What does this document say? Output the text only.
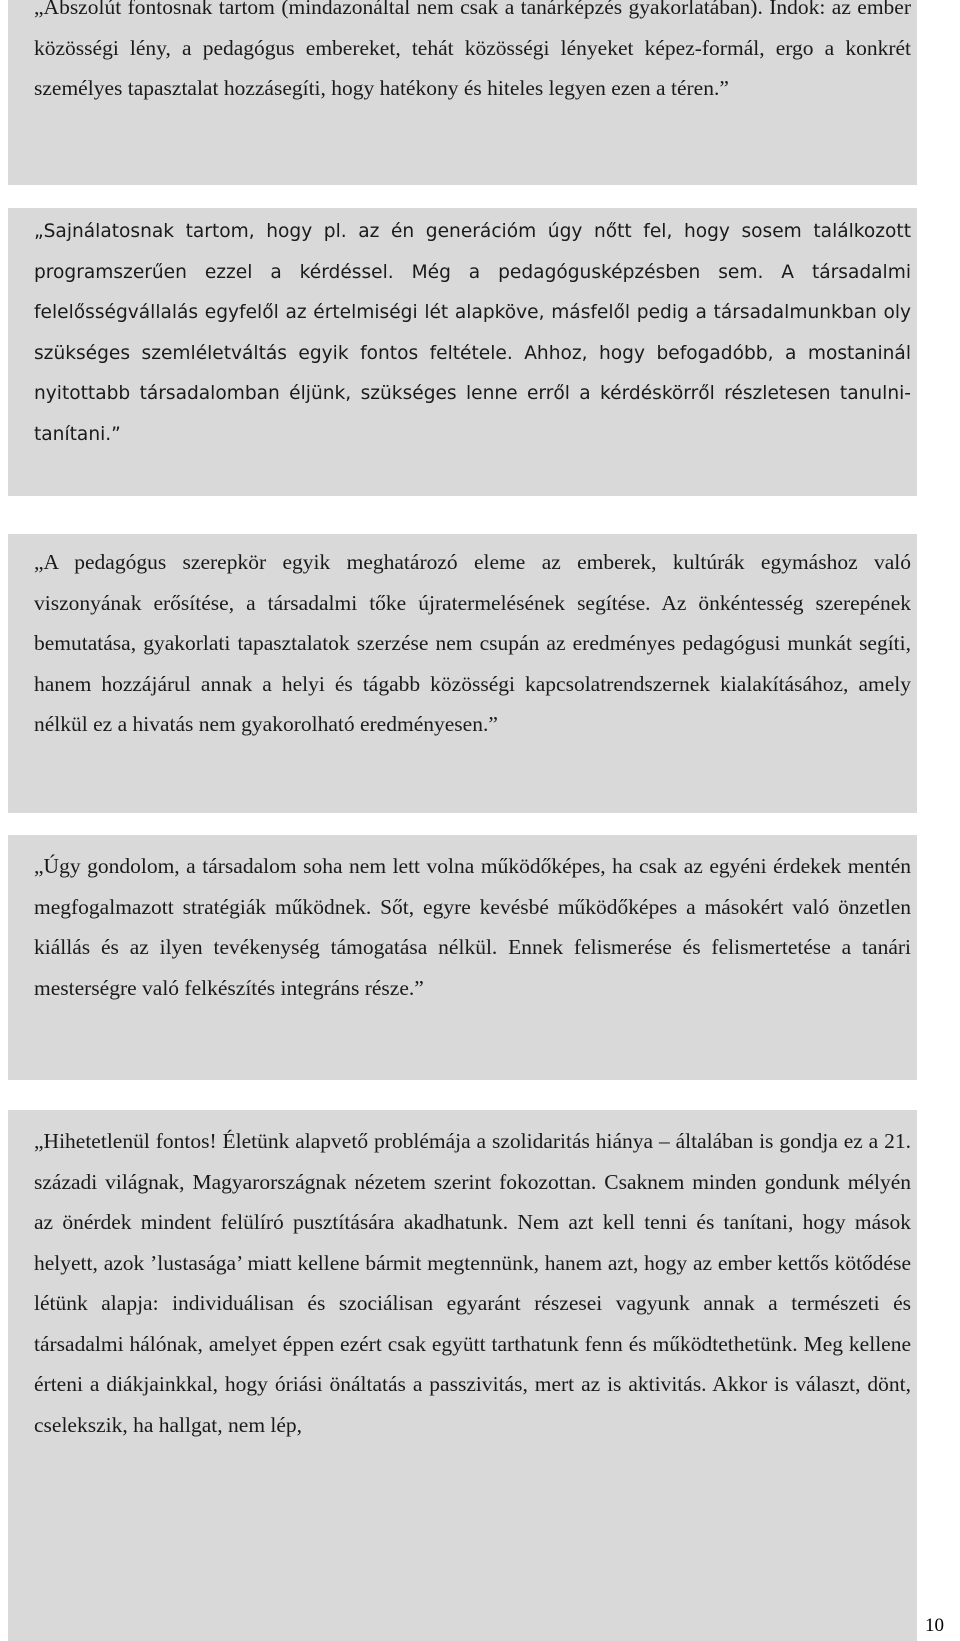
„Abszolút fontosnak tartom (mindazonáltal nem csak a tanárképzés gyakorlatában). Indok: az ember közösségi lény, a pedagógus embereket, tehát közösségi lényeket képez-formál, ergo a konkrét személyes tapasztalat hozzásegíti, hogy hatékony és hiteles legyen ezen a téren.”
„Sajnálatosnak tartom, hogy pl. az én generációm úgy nőtt fel, hogy sosem találkozott programszerűen ezzel a kérdéssel. Még a pedagógusképzésben sem. A társadalmi felelősségvállalás egyfelől az értelmiségi lét alapköve, másfelől pedig a társadalmunkban oly szükséges szemléletváltás egyik fontos feltétele. Ahhoz, hogy befogadóbb, a mostaninál nyitottabb társadalomban éljünk, szükséges lenne erről a kérdéskörről részletesen tanulni-tanítani.”
„A pedagógus szerepkör egyik meghatározó eleme az emberek, kultúrák egymáshoz való viszonyának erősítése, a társadalmi tőke újratermelésének segítése. Az önkéntesség szerepének bemutatása, gyakorlati tapasztalatok szerzése nem csupán az eredményes pedagógusi munkát segíti, hanem hozzájárul annak a helyi és tágabb közösségi kapcsolatrendszernek kialakításához, amely nélkül ez a hivatás nem gyakorolható eredményesen.”
„Úgy gondolom, a társadalom soha nem lett volna működőképes, ha csak az egyéni érdekek mentén megfogalmazott stratégiák működnek. Sőt, egyre kevésbé működőképes a másokért való önzetlen kiállás és az ilyen tevékenység támogatása nélkül. Ennek felismerése és felismertetése a tanári mesterségre való felkészítés integráns része.”
„Hihetetlenül fontos! Életünk alapvető problémája a szolidaritás hiánya – általában is gondja ez a 21. századi világnak, Magyarországnak nézetem szerint fokozottan. Csaknem minden gondunk mélyén az önérdek mindent felülíró pusztítására akadhatunk. Nem azt kell tenni és tanítani, hogy mások helyett, azok ’lustasága’ miatt kellene bármit megtennünk, hanem azt, hogy az ember kettős kötődése létünk alapja: individuálisan és szociálisan egyaránt részesei vagyunk annak a természeti és társadalmi hálónak, amelyet éppen ezért csak együtt tarthatunk fenn és működtethetünk. Meg kellene érteni a diákjainkkal, hogy óriási önáltatás a passzivitás, mert az is aktivitás. Akkor is választ, dönt, cselekszik, ha hallgat, nem lép,
10
